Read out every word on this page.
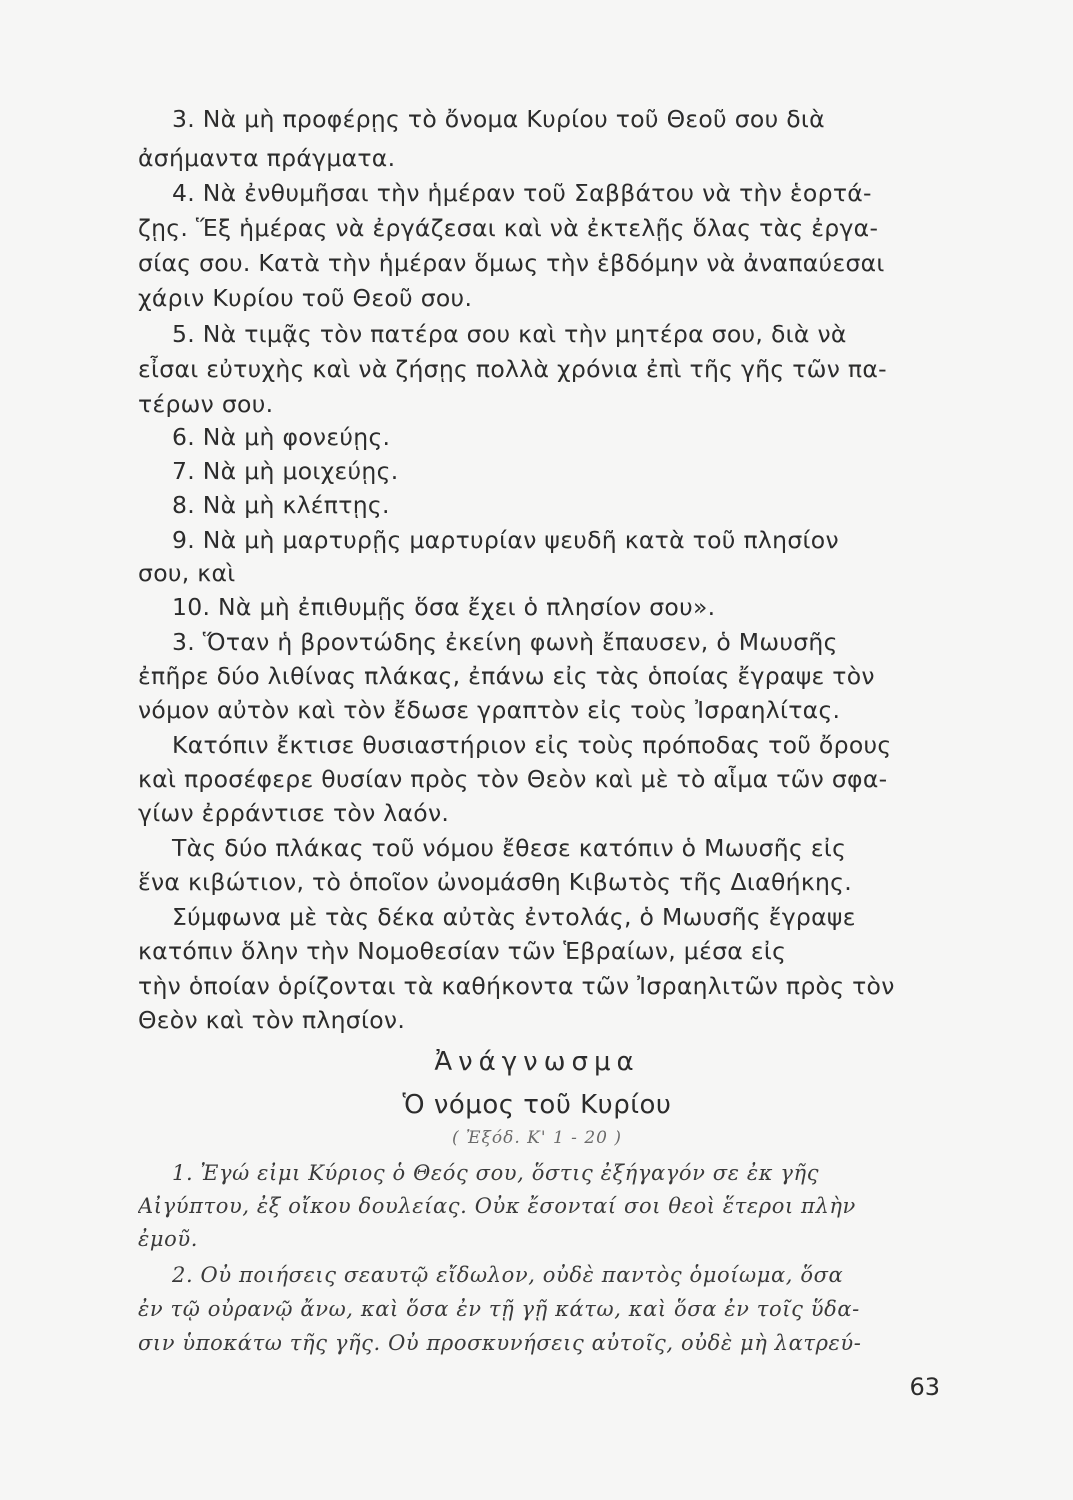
3. Νὰ μὴ προφέρῃς τὸ ὄνομα Κυρίου τοῦ Θεοῦ σου διὰ
ἀσήμαντα πράγματα.
4. Νὰ ἐνθυμῆσαι τὴν ἡμέραν τοῦ Σαββάτου νὰ τὴν ἑορτά-
ζῃς. Ἕξ ἡμέρας νὰ ἐργάζεσαι καὶ νὰ ἐκτελῇς ὅλας τὰς ἐργα-
σίας σου. Κατὰ τὴν ἡμέραν ὅμως τὴν ἑβδόμην νὰ ἀναπαύεσαι
χάριν Κυρίου τοῦ Θεοῦ σου.
5. Νὰ τιμᾷς τὸν πατέρα σου καὶ τὴν μητέρα σου, διὰ νὰ
εἶσαι εὐτυχὴς καὶ νὰ ζήσῃς πολλὰ χρόνια ἐπὶ τῆς γῆς τῶν πα-
τέρων σου.
6. Νὰ μὴ φονεύῃς.
7. Νὰ μὴ μοιχεύῃς.
8. Νὰ μὴ κλέπτῃς.
9. Νὰ μὴ μαρτυρῇς μαρτυρίαν ψευδῆ κατὰ τοῦ πλησίον
σου, καὶ
10. Νὰ μὴ ἐπιθυμῇς ὅσα ἔχει ὁ πλησίον σου».
3. Ὅταν ἡ βροντώδης ἐκείνη φωνὴ ἔπαυσεν, ὁ Μωυσῆς
ἐπῆρε δύο λιθίνας πλάκας, ἐπάνω εἰς τὰς ὁποίας ἔγραψε τὸν
νόμον αὐτὸν καὶ τὸν ἔδωσε γραπτὸν εἰς τοὺς Ἰσραηλίτας.
Κατόπιν ἔκτισε θυσιαστήριον εἰς τοὺς πρόποδας τοῦ ὄρους
καὶ προσέφερε θυσίαν πρὸς τὸν Θεὸν καὶ μὲ τὸ αἷμα τῶν σφα-
γίων ἐρράντισε τὸν λαόν.
Τὰς δύο πλάκας τοῦ νόμου ἔθεσε κατόπιν ὁ Μωυσῆς εἰς
ἕνα κιβώτιον, τὸ ὁποῖον ὠνομάσθη Κιβωτὸς τῆς Διαθήκης.
Σύμφωνα μὲ τὰς δέκα αὐτὰς ἐντολάς, ὁ Μωυσῆς ἔγραψε
κατόπιν ὅλην τὴν Νομοθεσίαν τῶν Ἑβραίων, μέσα εἰς
τὴν ὁποίαν ὁρίζονται τὰ καθήκοντα τῶν Ἰσραηλιτῶν πρὸς τὸν
Θεὸν καὶ τὸν πλησίον.
Ἀνάγνωσμα
Ὁ νόμος τοῦ Κυρίου
( Ἐξόδ. Κ' 1 - 20 )
1. Ἐγώ εἰμι Κύριος ὁ Θεός σου, ὅστις ἐξήγαγόν σε ἐκ γῆς
Αἰγύπτου, ἐξ οἴκου δουλείας. Οὐκ ἔσονταί σοι θεοὶ ἕτεροι πλὴν
ἐμοῦ.
2. Οὐ ποιήσεις σεαυτῷ εἴδωλον, οὐδὲ παντὸς ὁμοίωμα, ὅσα
ἐν τῷ οὐρανῷ ἄνω, καὶ ὅσα ἐν τῇ γῇ κάτω, καὶ ὅσα ἐν τοῖς ὕδα-
σιν ὑποκάτω τῆς γῆς. Οὐ προσκυνήσεις αὐτοῖς, οὐδὲ μὴ λατρεύ-
63
